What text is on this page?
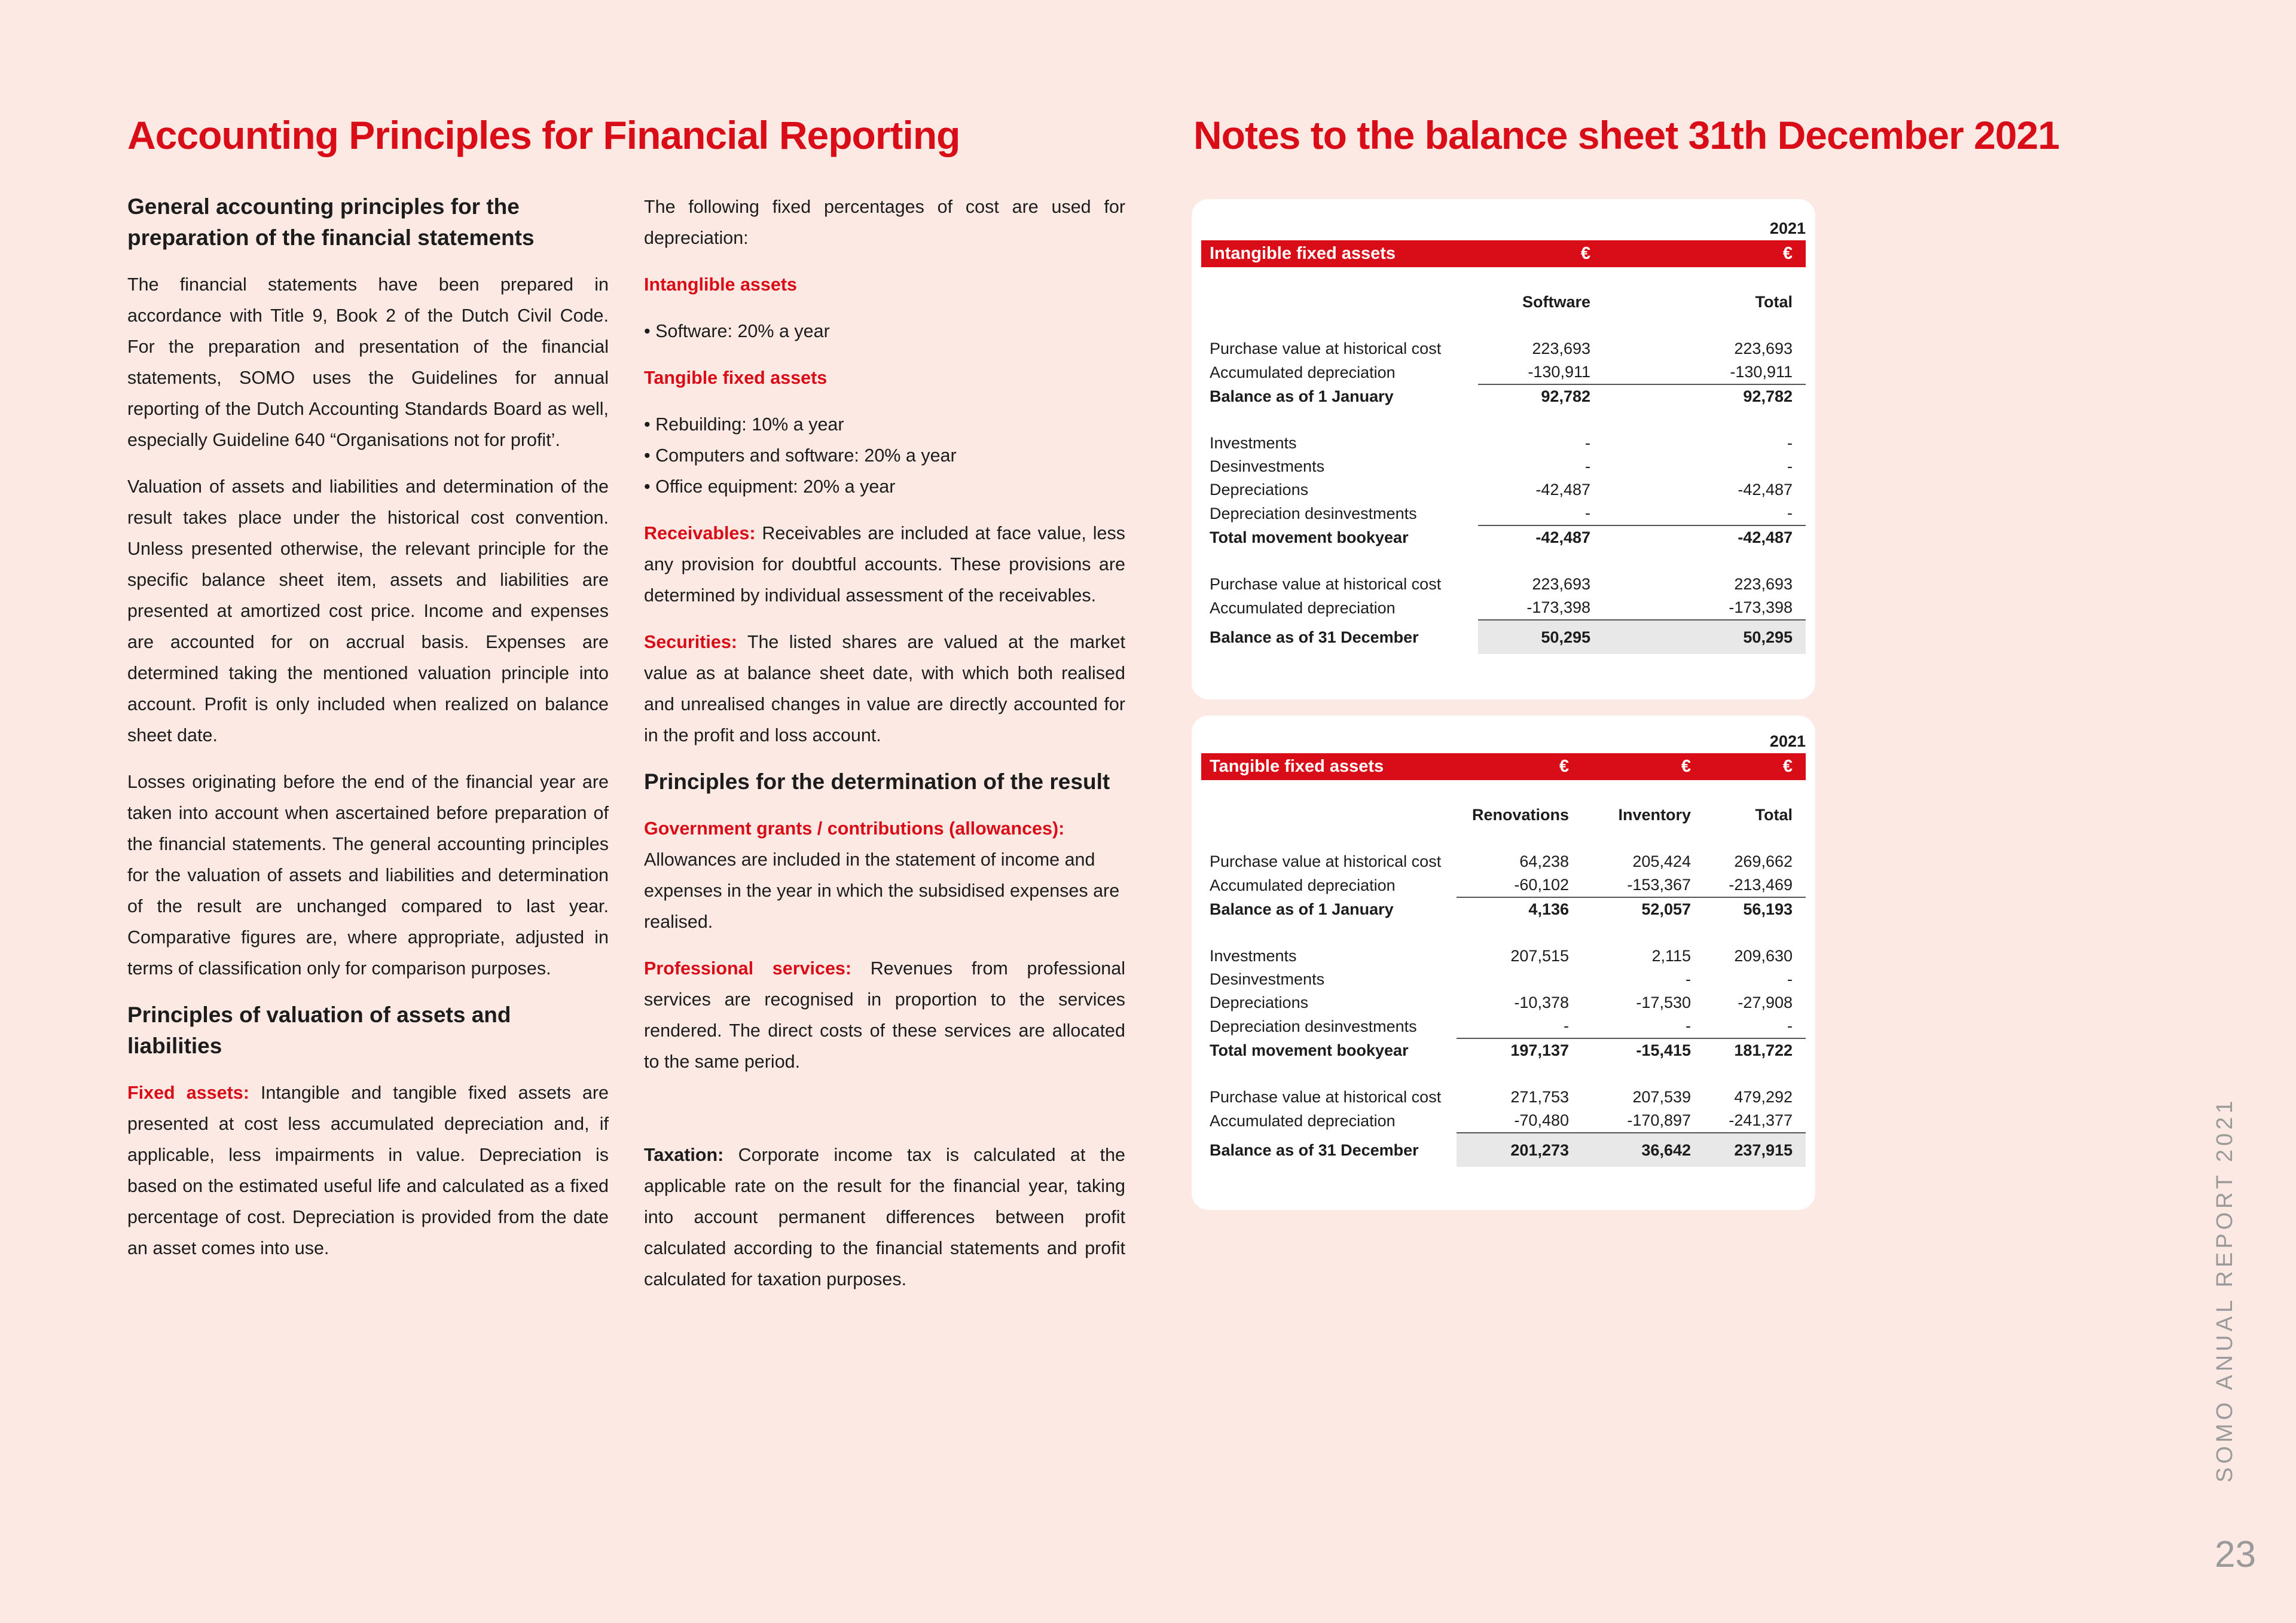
Accounting Principles for Financial Reporting	Notes to the balance sheet 31th December 2021
General accounting principles for the preparation of the financial statements

The financial statements have been prepared in accordance with Title 9, Book 2 of the Dutch Civil Code. For the preparation and presentation of the financial statements, SOMO uses the Guidelines for annual reporting of the Dutch Accounting Standards Board as well, especially Guideline 640 “Organisations not for profit’.

Valuation of assets and liabilities and determination of the result takes place under the historical cost convention. Unless presented otherwise, the relevant principle for the specific balance sheet item, assets and liabilities are presented at amortized cost price. Income and expenses are accounted for on accrual basis. Expenses are determined taking the mentioned valuation principle into account. Profit is only included when realized on balance sheet date.

Losses originating before the end of the financial year are taken into account when ascertained before preparation of the financial statements. The general accounting principles for the valuation of assets and liabilities and determination of the result are unchanged compared to last year. Comparative figures are, where appropriate, adjusted in terms of classification only for comparison purposes.

Principles of valuation of assets and liabilities

Fixed assets: Intangible and tangible fixed assets are presented at cost less accumulated depreciation and, if applicable, less impairments in value. Depreciation is based on the estimated useful life and calculated as a fixed percentage of cost. Depreciation is provided from the date an asset comes into use.

The following fixed percentages of cost are used for depreciation:

Intanglible assets

• Software: 20% a year

Tangible fixed assets

• Rebuilding: 10% a year
• Computers and software: 20% a year
• Office equipment: 20% a year

Receivables: Receivables are included at face value, less any provision for doubtful accounts. These provisions are determined by individual assessment of the receivables.

Securities: The listed shares are valued at the market value as at balance sheet date, with which both realised and unrealised changes in value are directly accounted for in the profit and loss account.

Principles for the determination of the result

Government grants / contributions (allowances):
Allowances are included in the statement of income and expenses in the year in which the subsidised expenses are realised.

Professional services: Revenues from professional services are recognised in proportion to the services rendered. The direct costs of these services are allocated to the same period.

Taxation: Corporate income tax is calculated at the applicable rate on the result for the financial year, taking into account permanent differences between profit calculated according to the financial statements and profit calculated for taxation purposes.

		2021
Intangible fixed assets	€	€

	Software	Total

Purchase value at historical cost	223,693	223,693
Accumulated depreciation	-130,911	-130,911
Balance as of 1 January	92,782	92,782

Investments	-	-
Desinvestments	-	-
Depreciations	-42,487	-42,487
Depreciation desinvestments	-	-
Total movement bookyear	-42,487	-42,487

Purchase value at historical cost	223,693	223,693
Accumulated depreciation	-173,398	-173,398
Balance as of 31 December	50,295	50,295
			2021
Tangible fixed assets	€	€	€

	Renovations	Inventory	Total

Purchase value at historical cost	64,238	205,424	269,662
Accumulated depreciation	-60,102	-153,367	-213,469
Balance as of 1 January	4,136	52,057	56,193

Investments	207,515	2,115	209,630
Desinvestments		-	-
Depreciations	-10,378	-17,530	-27,908
Depreciation desinvestments	-	-	-
Total movement bookyear	197,137	-15,415	181,722

Purchase value at historical cost	271,753	207,539	479,292
Accumulated depreciation	-70,480	-170,897	-241,377
Balance as of 31 December	201,273	36,642	237,915	SOMO ANUAL REPORT 2021
23
